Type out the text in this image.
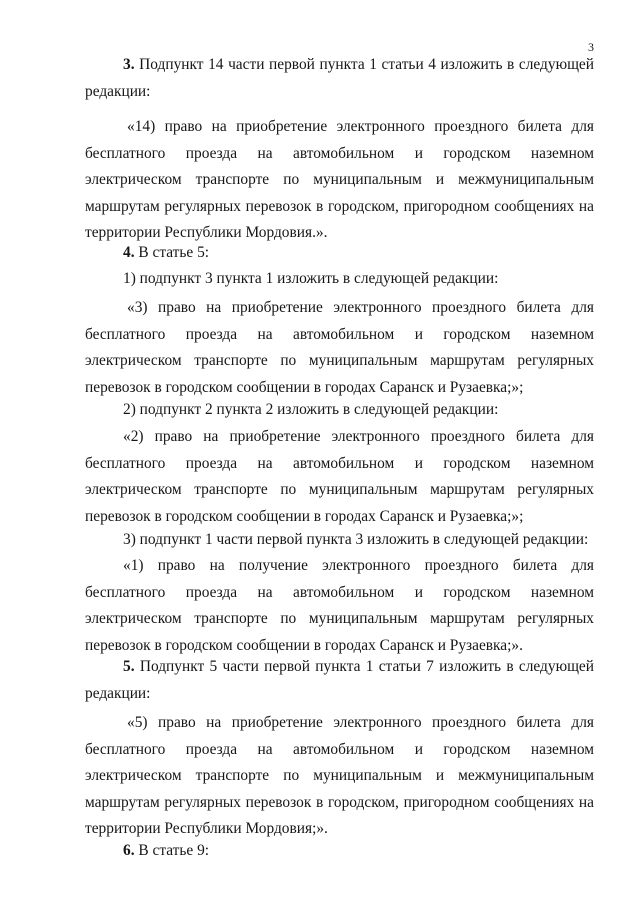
3

3. Подпункт 14 части первой пункта 1 статьи 4 изложить в следующей редакции:

«14) право на приобретение электронного проездного билета для бесплатного проезда на автомобильном и городском наземном электрическом транспорте по муниципальным и межмуниципальным маршрутам регулярных перевозок в городском, пригородном сообщениях на территории Республики Мордовия.».

4. В статье 5:

1) подпункт 3 пункта 1 изложить в следующей редакции:

«3) право на приобретение электронного проездного билета для бесплатного проезда на автомобильном и городском наземном электрическом транспорте по муниципальным маршрутам регулярных перевозок в городском сообщении в городах Саранск и Рузаевка;»;

2) подпункт 2 пункта 2 изложить в следующей редакции:

«2) право на приобретение электронного проездного билета для бесплатного проезда на автомобильном и городском наземном электрическом транспорте по муниципальным маршрутам регулярных перевозок в городском сообщении в городах Саранск и Рузаевка;»;

3) подпункт 1 части первой пункта 3 изложить в следующей редакции:

«1) право на получение электронного проездного билета для бесплатного проезда на автомобильном и городском наземном электрическом транспорте по муниципальным маршрутам регулярных перевозок в городском сообщении в городах Саранск и Рузаевка;».

5. Подпункт 5 части первой пункта 1 статьи 7 изложить в следующей редакции:

«5) право на приобретение электронного проездного билета для бесплатного проезда на автомобильном и городском наземном электрическом транспорте по муниципальным и межмуниципальным маршрутам регулярных перевозок в городском, пригородном сообщениях на территории Республики Мордовия;».

6. В статье 9:
